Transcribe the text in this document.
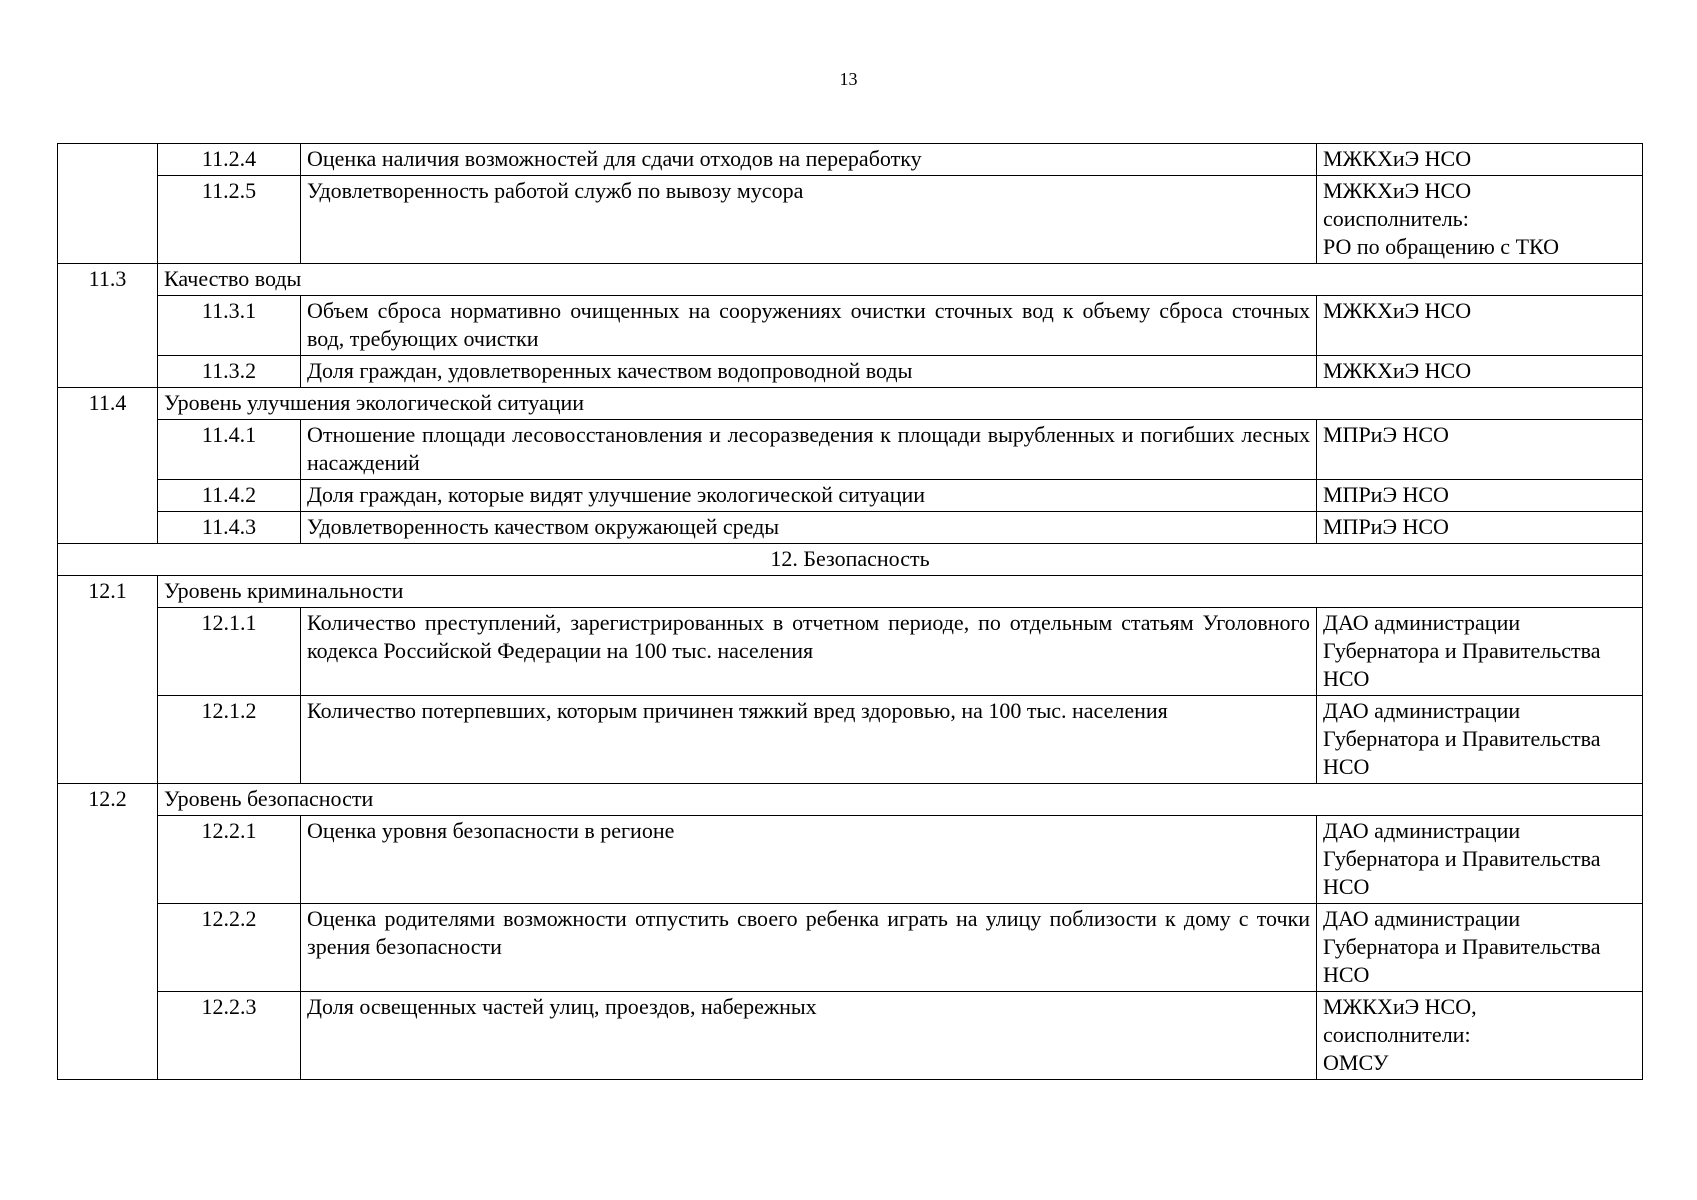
13
	11.2.4	Оценка наличия возможностей для сдачи отходов на переработку	МЖКХиЭ НСО

	11.2.5	Удовлетворенность работой служб по вывозу мусора	МЖКХиЭ НСО
соисполнитель:
РО по обращению с ТКО

11.3	Качество воды		
	11.3.1	Объем сброса нормативно очищенных на сооружениях очистки сточных вод к объему сброса сточных вод, требующих очистки	МЖКХиЭ НСО

	11.3.2	Доля граждан, удовлетворенных качеством водопроводной воды	МЖКХиЭ НСО

11.4	Уровень улучшения экологической ситуации		
	11.4.1	Отношение площади лесовосстановления и лесоразведения к площади вырубленных и погибших лесных насаждений	МПРиЭ НСО

	11.4.2	Доля граждан, которые видят улучшение экологической ситуации	МПРиЭ НСО

	11.4.3	Удовлетворенность качеством окружающей среды	МПРиЭ НСО

12. Безопасность			
12.1	Уровень криминальности		
	12.1.1	Количество преступлений, зарегистрированных в отчетном периоде, по отдельным статьям Уголовного кодекса Российской Федерации на 100 тыс. населения	ДАО администрации
Губернатора и Правительства
НСО

	12.1.2	Количество потерпевших, которым причинен тяжкий вред здоровью, на 100 тыс. населения	ДАО администрации
Губернатора и Правительства
НСО

12.2	Уровень безопасности		
	12.2.1	Оценка уровня безопасности в регионе	ДАО администрации
Губернатора и Правительства
НСО

	12.2.2	Оценка родителями возможности отпустить своего ребенка играть на улицу поблизости к дому с точки зрения безопасности	ДАО администрации
Губернатора и Правительства
НСО

	12.2.3	Доля освещенных частей улиц, проездов, набережных	МЖКХиЭ НСО,
соисполнители:
ОМСУ
